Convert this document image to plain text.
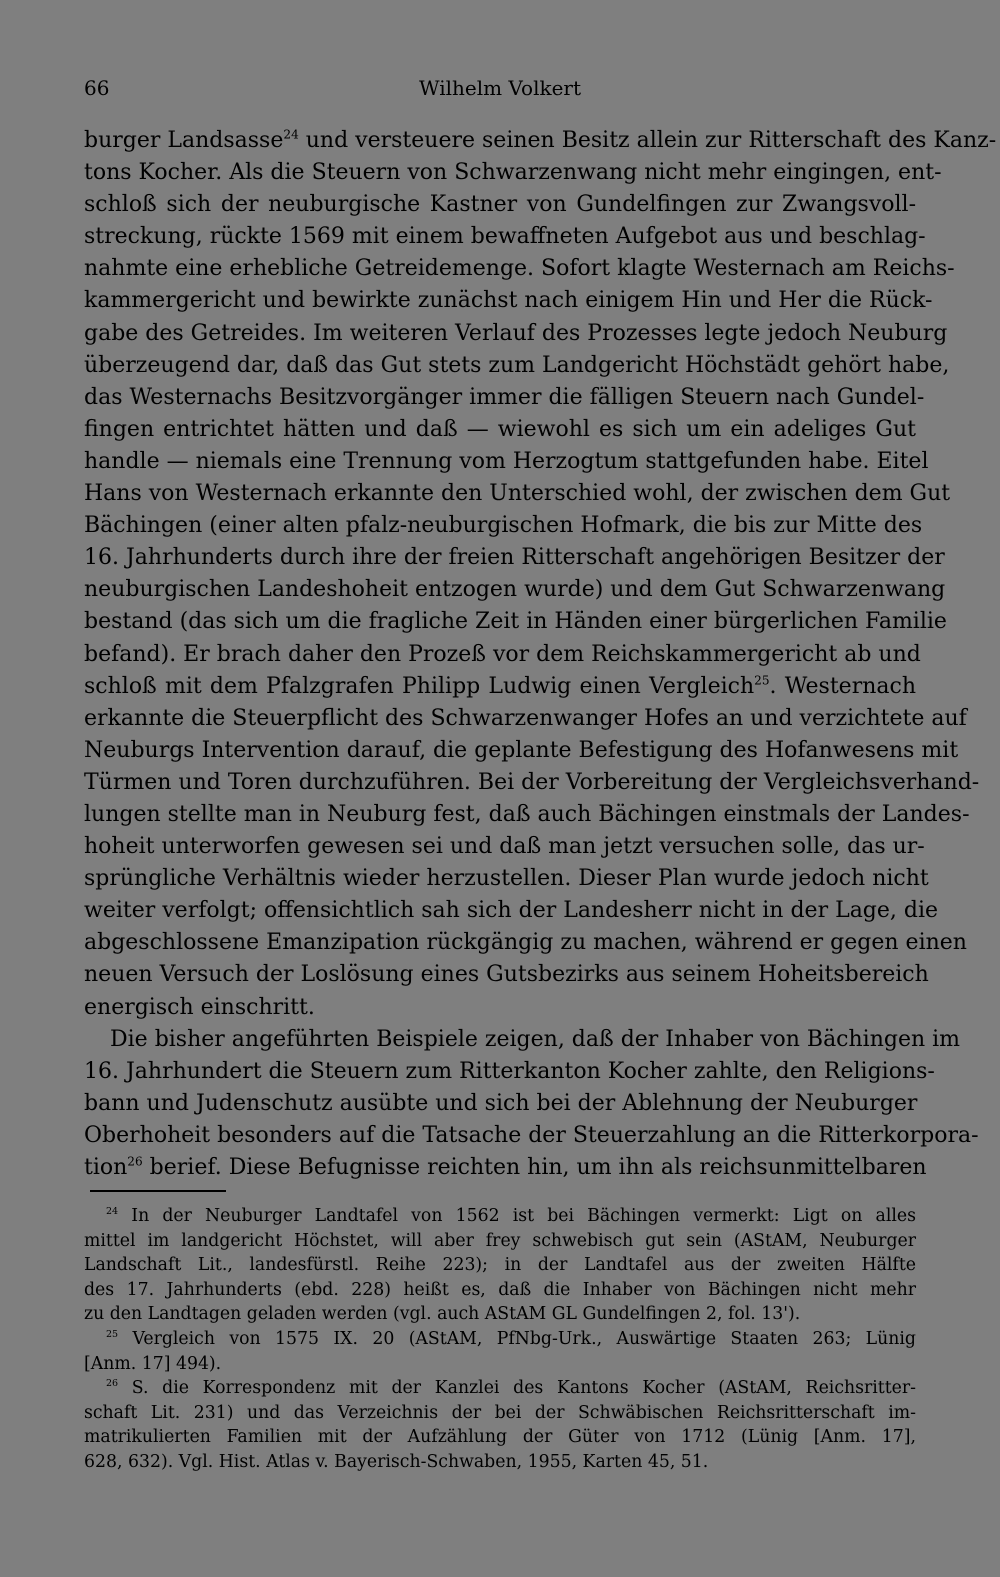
66	Wilhelm Volkert
burger Landsasse$^{24}$ und versteuere seinen Besitz allein zur Ritterschaft des Kanz-
tons Kocher. Als die Steuern von Schwarzenwang nicht mehr eingingen, ent-
schloß sich der neuburgische Kastner von Gundelfingen zur Zwangsvoll-
streckung, rückte 1569 mit einem bewaffneten Aufgebot aus und beschlag-
nahmte eine erhebliche Getreidemenge. Sofort klagte Westernach am Reichs-
kammergericht und bewirkte zunächst nach einigem Hin und Her die Rück-
gabe des Getreides. Im weiteren Verlauf des Prozesses legte jedoch Neuburg
überzeugend dar, daß das Gut stets zum Landgericht Höchstädt gehört habe,
das Westernachs Besitzvorgänger immer die fälligen Steuern nach Gundel-
fingen entrichtet hätten und daß — wiewohl es sich um ein adeliges Gut
handle — niemals eine Trennung vom Herzogtum stattgefunden habe. Eitel
Hans von Westernach erkannte den Unterschied wohl, der zwischen dem Gut
Bächingen (einer alten pfalz-neuburgischen Hofmark, die bis zur Mitte des
16. Jahrhunderts durch ihre der freien Ritterschaft angehörigen Besitzer der
neuburgischen Landeshoheit entzogen wurde) und dem Gut Schwarzenwang
bestand (das sich um die fragliche Zeit in Händen einer bürgerlichen Familie
befand). Er brach daher den Prozeß vor dem Reichskammergericht ab und
schloß mit dem Pfalzgrafen Philipp Ludwig einen Vergleich$^{25}$. Westernach
erkannte die Steuerpflicht des Schwarzenwanger Hofes an und verzichtete auf
Neuburgs Intervention darauf, die geplante Befestigung des Hofanwesens mit
Türmen und Toren durchzuführen. Bei der Vorbereitung der Vergleichsverhand-
lungen stellte man in Neuburg fest, daß auch Bächingen einstmals der Landes-
hoheit unterworfen gewesen sei und daß man jetzt versuchen solle, das ur-
sprüngliche Verhältnis wieder herzustellen. Dieser Plan wurde jedoch nicht
weiter verfolgt; offensichtlich sah sich der Landesherr nicht in der Lage, die
abgeschlossene Emanzipation rückgängig zu machen, während er gegen einen
neuen Versuch der Loslösung eines Gutsbezirks aus seinem Hoheitsbereich
energisch einschritt.
Die bisher angeführten Beispiele zeigen, daß der Inhaber von Bächingen im
16. Jahrhundert die Steuern zum Ritterkanton Kocher zahlte, den Religions-
bann und Judenschutz ausübte und sich bei der Ablehnung der Neuburger
Oberhoheit besonders auf die Tatsache der Steuerzahlung an die Ritterkorpora-
tion$^{26}$ berief. Diese Befugnisse reichten hin, um ihn als reichsunmittelbaren
$^{24}$ In der Neuburger Landtafel von 1562 ist bei Bächingen vermerkt: Ligt on alles
mittel im landgericht Höchstet, will aber frey schwebisch gut sein (AStAM, Neuburger
Landschaft Lit., landesfürstl. Reihe 223); in der Landtafel aus der zweiten Hälfte
des 17. Jahrhunderts (ebd. 228) heißt es, daß die Inhaber von Bächingen nicht mehr
zu den Landtagen geladen werden (vgl. auch AStAM GL Gundelfingen 2, fol. 13').
$^{25}$ Vergleich von 1575 IX. 20 (AStAM, PfNbg-Urk., Auswärtige Staaten 263; Lünig
[Anm. 17] 494).
$^{26}$ S. die Korrespondenz mit der Kanzlei des Kantons Kocher (AStAM, Reichsritter-
schaft Lit. 231) und das Verzeichnis der bei der Schwäbischen Reichsritterschaft im-
matrikulierten Familien mit der Aufzählung der Güter von 1712 (Lünig [Anm. 17],
628, 632). Vgl. Hist. Atlas v. Bayerisch-Schwaben, 1955, Karten 45, 51.
